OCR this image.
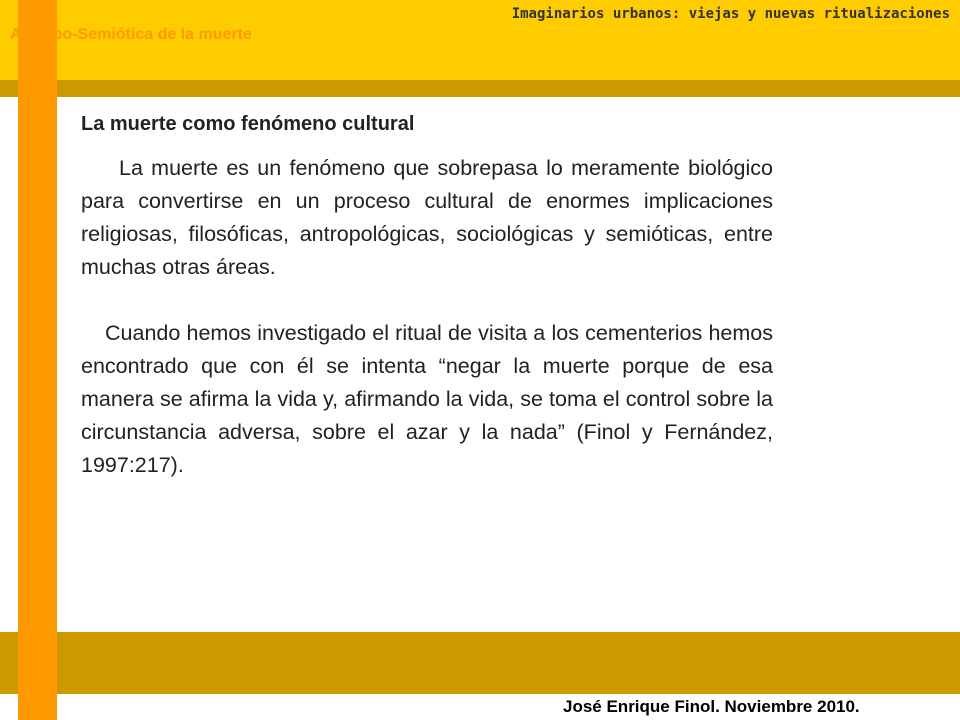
Antropo-Semiótica de la muerte
Imaginarios urbanos: viejas y nuevas ritualizaciones
La muerte como fenómeno cultural

La muerte es un fenómeno que sobrepasa lo meramente biológico para convertirse en un proceso cultural de enormes implicaciones religiosas, filosóficas, antropológicas, sociológicas y semióticas, entre muchas otras áreas.

Cuando hemos investigado el ritual de visita a los cementerios hemos encontrado que con él se intenta “negar la muerte porque de esa manera se afirma la vida y, afirmando la vida, se toma el control sobre la circunstancia adversa, sobre el azar y la nada” (Finol y Fernández, 1997:217).

José Enrique Finol. Noviembre 2010.
